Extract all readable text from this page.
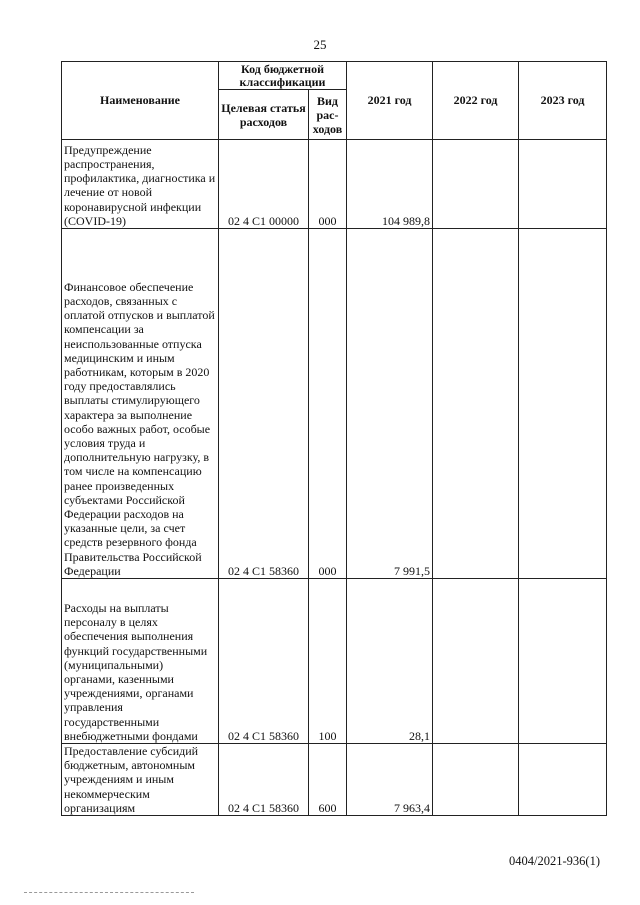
25
Наименование	Код бюджетной классификации		2021 год	2022 год	2023 год
	Целевая статья расходов	Вид рас-ходов			
Предупреждение распространения, профилактика, диагностика и лечение от новой коронавирусной инфекции (COVID-19)	02 4 С1 00000	000	104 989,8		
Финансовое обеспечение расходов, связанных с оплатой отпусков и выплатой компенсации за неиспользованные отпуска медицинским и иным работникам, которым в 2020 году предоставлялись выплаты стимулирующего характера за выполнение особо важных работ, особые условия труда и дополнительную нагрузку, в том числе на компенсацию ранее произведенных субъектами Российской Федерации расходов на указанные цели, за счет средств резервного фонда Правительства Российской Федерации	02 4 С1 58360	000	7 991,5		
Расходы на выплаты персоналу в целях обеспечения выполнения функций государственными (муниципальными) органами, казенными учреждениями, органами управления государственными внебюджетными фондами	02 4 С1 58360	100	28,1		
Предоставление субсидий бюджетным, автономным учреждениям и иным некоммерческим организациям	02 4 С1 58360	600	7 963,4		
0404/2021-936(1)
